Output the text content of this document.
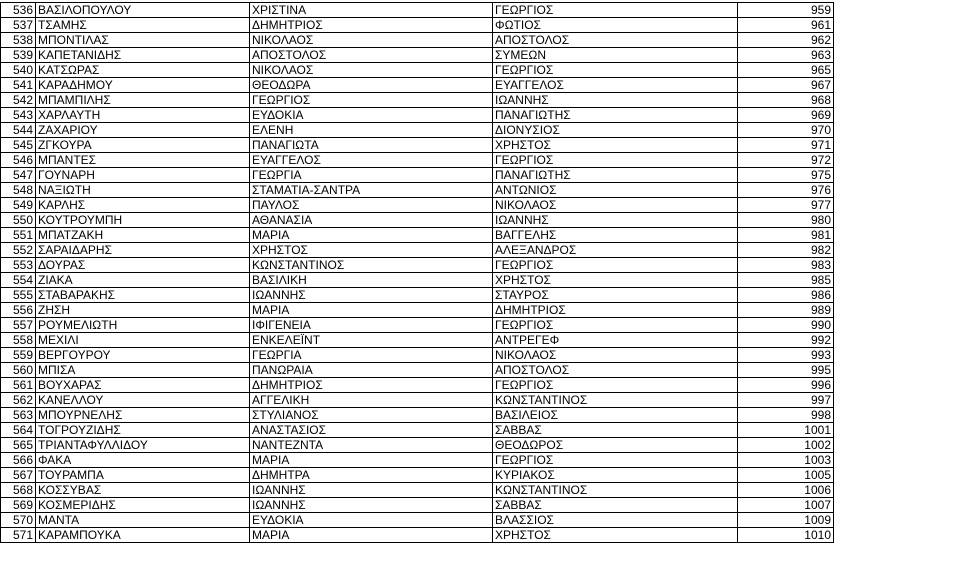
536	ΒΑΣΙΛΟΠΟΥΛΟΥ	ΧΡΙΣΤΙΝΑ	ΓΕΩΡΓΙΟΣ	959
537	ΤΣΑΜΗΣ	ΔΗΜΗΤΡΙΟΣ	ΦΩΤΙΟΣ	961
538	ΜΠΟΝΤΙΛΑΣ	ΝΙΚΟΛΑΟΣ	ΑΠΟΣΤΟΛΟΣ	962
539	ΚΑΠΕΤΑΝΙΔΗΣ	ΑΠΟΣΤΟΛΟΣ	ΣΥΜΕΩΝ	963
540	ΚΑΤΣΩΡΑΣ	ΝΙΚΟΛΑΟΣ	ΓΕΩΡΓΙΟΣ	965
541	ΚΑΡΑΔΗΜΟΥ	ΘΕΟΔΩΡΑ	ΕΥΑΓΓΕΛΟΣ	967
542	ΜΠΑΜΠΙΛΗΣ	ΓΕΩΡΓΙΟΣ	ΙΩΑΝΝΗΣ	968
543	ΧΑΡΛΑΥΤΗ	ΕΥΔΟΚΙΑ	ΠΑΝΑΓΙΩΤΗΣ	969
544	ΖΑΧΑΡΙΟΥ	ΕΛΕΝΗ	ΔΙΟΝΥΣΙΟΣ	970
545	ΖΓΚΟΥΡΑ	ΠΑΝΑΓΙΩΤΑ	ΧΡΗΣΤΟΣ	971
546	ΜΠΑΝΤΕΣ	ΕΥΑΓΓΕΛΟΣ	ΓΕΩΡΓΙΟΣ	972
547	ΓΟΥΝΑΡΗ	ΓΕΩΡΓΙΑ	ΠΑΝΑΓΙΩΤΗΣ	975
548	ΝΑΞΙΩΤΗ	ΣΤΑΜΑΤΙΑ-ΣΑΝΤΡΑ	ΑΝΤΩΝΙΟΣ	976
549	ΚΑΡΛΗΣ	ΠΑΥΛΟΣ	ΝΙΚΟΛΑΟΣ	977
550	ΚΟΥΤΡΟΥΜΠΗ	ΑΘΑΝΑΣΙΑ	ΙΩΑΝΝΗΣ	980
551	ΜΠΑΤΖΑΚΗ	ΜΑΡΙΑ	ΒΑΓΓΕΛΗΣ	981
552	ΣΑΡΑΙΔΑΡΗΣ	ΧΡΗΣΤΟΣ	ΑΛΕΞΑΝΔΡΟΣ	982
553	ΔΟΥΡΑΣ	ΚΩΝΣΤΑΝΤΙΝΟΣ	ΓΕΩΡΓΙΟΣ	983
554	ΖΙΑΚΑ	ΒΑΣΙΛΙΚΗ	ΧΡΗΣΤΟΣ	985
555	ΣΤΑΒΑΡΑΚΗΣ	ΙΩΑΝΝΗΣ	ΣΤΑΥΡΟΣ	986
556	ΖΗΣΗ	ΜΑΡΙΑ	ΔΗΜΗΤΡΙΟΣ	989
557	ΡΟΥΜΕΛΙΩΤΗ	ΙΦΙΓΕΝΕΙΑ	ΓΕΩΡΓΙΟΣ	990
558	ΜΕΧΙΛΙ	ΕΝΚΕΛΕΪΝΤ	ΑΝΤΡΕΓΕΦ	992
559	ΒΕΡΓΟΥΡΟΥ	ΓΕΩΡΓΙΑ	ΝΙΚΟΛΑΟΣ	993
560	ΜΠΙΣΑ	ΠΑΝΩΡΑΙΑ	ΑΠΟΣΤΟΛΟΣ	995
561	ΒΟΥΧΑΡΑΣ	ΔΗΜΗΤΡΙΟΣ	ΓΕΩΡΓΙΟΣ	996
562	ΚΑΝΕΛΛΟΥ	ΑΓΓΕΛΙΚΗ	ΚΩΝΣΤΑΝΤΙΝΟΣ	997
563	ΜΠΟΥΡΝΕΛΗΣ	ΣΤΥΛΙΑΝΟΣ	ΒΑΣΙΛΕΙΟΣ	998
564	ΤΟΓΡΟΥΖΙΔΗΣ	ΑΝΑΣΤΑΣΙΟΣ	ΣΑΒΒΑΣ	1001
565	ΤΡΙΑΝΤΑΦΥΛΛΙΔΟΥ	ΝΑΝΤΕΖΝΤΑ	ΘΕΟΔΩΡΟΣ	1002
566	ΦΑΚΑ	ΜΑΡΙΑ	ΓΕΩΡΓΙΟΣ	1003
567	ΤΟΥΡΑΜΠΑ	ΔΗΜΗΤΡΑ	ΚΥΡΙΑΚΟΣ	1005
568	ΚΟΣΣΥΒΑΣ	ΙΩΑΝΝΗΣ	ΚΩΝΣΤΑΝΤΙΝΟΣ	1006
569	ΚΟΣΜΕΡΙΔΗΣ	ΙΩΑΝΝΗΣ	ΣΑΒΒΑΣ	1007
570	ΜΑΝΤΑ	ΕΥΔΟΚΙΑ	ΒΛΑΣΣΙΟΣ	1009
571	ΚΑΡΑΜΠΟΥΚΑ	ΜΑΡΙΑ	ΧΡΗΣΤΟΣ	1010
